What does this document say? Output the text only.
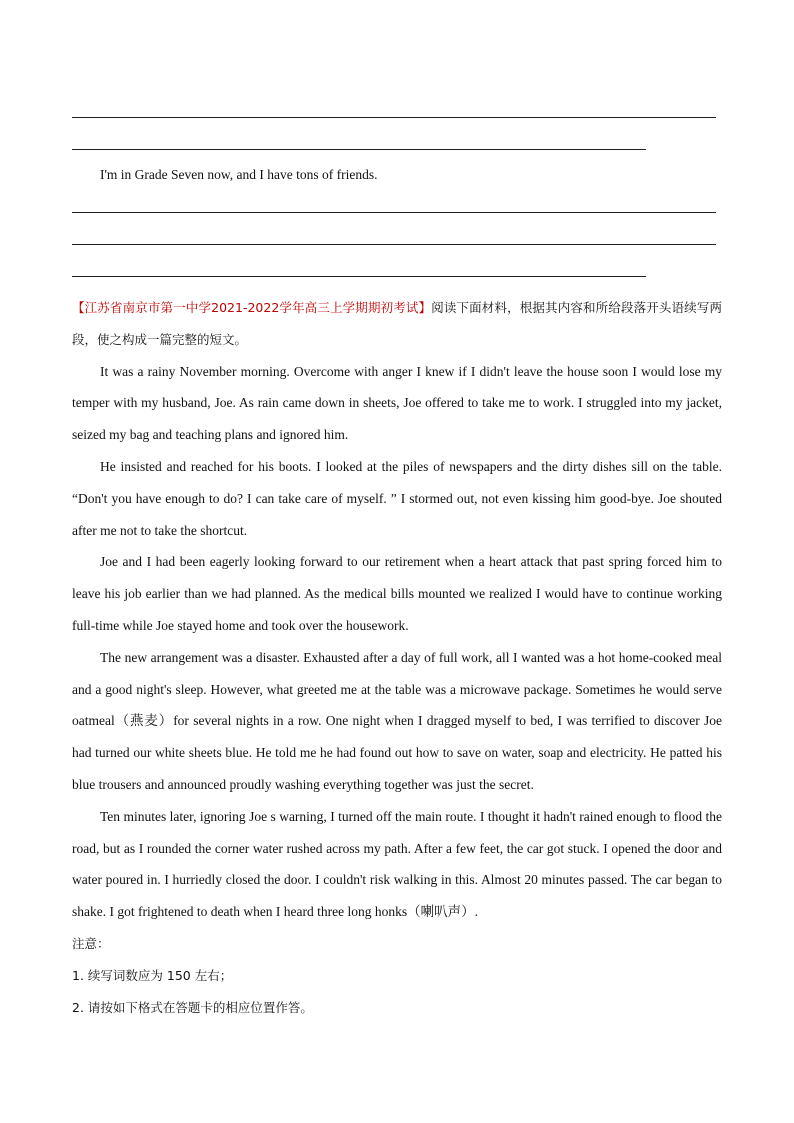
I'm in Grade Seven now, and I have tons of friends.

【江苏省南京市第一中学2021-2022学年高三上学期期初考试】阅读下面材料，根据其内容和所给段落开头语续写两段，使之构成一篇完整的短文。

It was a rainy November morning. Overcome with anger I knew if I didn't leave the house soon I would lose my temper with my husband, Joe. As rain came down in sheets, Joe offered to take me to work. I struggled into my jacket, seized my bag and teaching plans and ignored him.

He insisted and reached for his boots. I looked at the piles of newspapers and the dirty dishes sill on the table. “Don't you have enough to do? I can take care of myself. ” I stormed out, not even kissing him good-bye. Joe shouted after me not to take the shortcut.

Joe and I had been eagerly looking forward to our retirement when a heart attack that past spring forced him to leave his job earlier than we had planned. As the medical bills mounted we realized I would have to continue working full-time while Joe stayed home and took over the housework.

The new arrangement was a disaster. Exhausted after a day of full work, all I wanted was a hot home-cooked meal and a good night's sleep. However, what greeted me at the table was a microwave package. Sometimes he would serve oatmeal（燕麦）for several nights in a row. One night when I dragged myself to bed, I was terrified to discover Joe had turned our white sheets blue. He told me he had found out how to save on water, soap and electricity. He patted his blue trousers and announced proudly washing everything together was just the secret.

Ten minutes later, ignoring Joe s warning, I turned off the main route. I thought it hadn't rained enough to flood the road, but as I rounded the corner water rushed across my path. After a few feet, the car got stuck. I opened the door and water poured in. I hurriedly closed the door. I couldn't risk walking in this. Almost 20 minutes passed. The car began to shake. I got frightened to death when I heard three long honks（喇叭声）.

注意：

1. 续写词数应为 150 左右；

2. 请按如下格式在答题卡的相应位置作答。
